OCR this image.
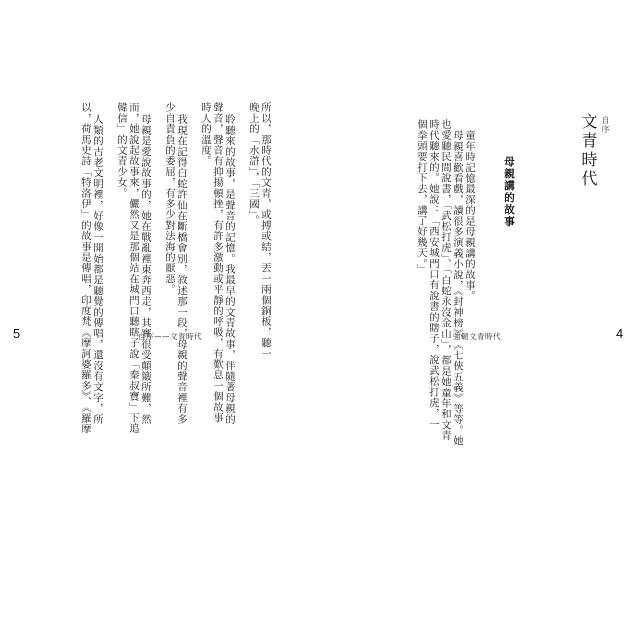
所以，那時代的文青，或搏或結，丟一兩個銅板，聽一
晚上的「水滸」，「三國」。
聆聽來的故事，是聲音的記憶。我最早的文青故事，伴隨著母親的
聲音，聲音有抑揚頓挫，有許多激動或平靜的呼吸，有歎息一個故事
時人的溫度。
我現在記得白蛇許仙在斷橋會別，敘述那一段，母親的聲音裡有多
少自責負的委屈，有多少對法海的厭惡。
母親是愛說故事的，她在戰亂裡東奔西走，其實很受顛簸所難，然
而，她說起故事來，儼然又是那個站在城門口聽瞎子說「秦叔寶」下追
韓信」的文青少女。
人類的古老文明裡，好像一開始都是聽覺的傳唱，還沒有文字，所
以，荷馬史詩「特洛伊」的故事是傳唱，印度梵《摩訶婆羅多》、《羅摩
5	自序——文青時代
自序
文青時代
母親講的故事
童年時記憶最深的是母親講的故事。
母親喜歡看戲，讀很多演義小說，《封神榜》、《七俠五義》等等。她
也愛聽民間說書，「武松打虎」、「白蛇永沒金山」，都是她童年和文青
時代聽來的。她說：「西安城門口有說書的瞎子，說武松打虎，一
個拳頭要打下去，講了好幾天。」
強韌文青時代	4
